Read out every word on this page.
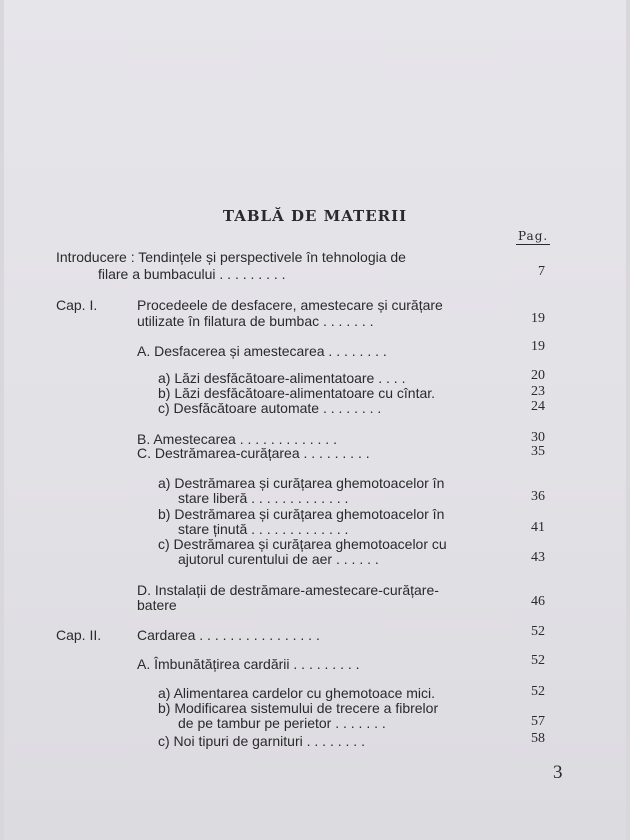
TABLĂ DE MATERII
Pag.
Introducere : Tendințele și perspectivele în tehnologia de
filare a bumbacului . . . . . . . . .	7
Cap. I.	Procedeele de desfacere, amestecare și curățare
utilizate în filatura de bumbac . . . . . . .	19
A. Desfacerea și amestecarea . . . . . . . .	19
a) Lăzi desfăcătoare-alimentatoare . . . .	20
b) Lăzi desfăcătoare-alimentatoare cu cîntar.	23
c) Desfăcătoare automate . . . . . . . .	24
B. Amestecarea . . . . . . . . . . . . .	30
C. Destrămarea-curățarea . . . . . . . . .	35
a) Destrămarea și curățarea ghemotoacelor în
stare liberă . . . . . . . . . . . . .	36
b) Destrămarea și curățarea ghemotoacelor în
stare ținută . . . . . . . . . . . . .	41
c) Destrămarea și curățarea ghemotoacelor cu
ajutorul curentului de aer . . . . . .	43
D. Instalații de destrămare-amestecare-curățare-
batere	46
Cap. II.	Cardarea . . . . . . . . . . . . . . . .	52
A. Îmbunătățirea cardării . . . . . . . . .	52
a) Alimentarea cardelor cu ghemotoace mici.	52
b) Modificarea sistemului de trecere a fibrelor
de pe tambur pe perietor . . . . . . .	57
c) Noi tipuri de garnituri . . . . . . . .	58
3
